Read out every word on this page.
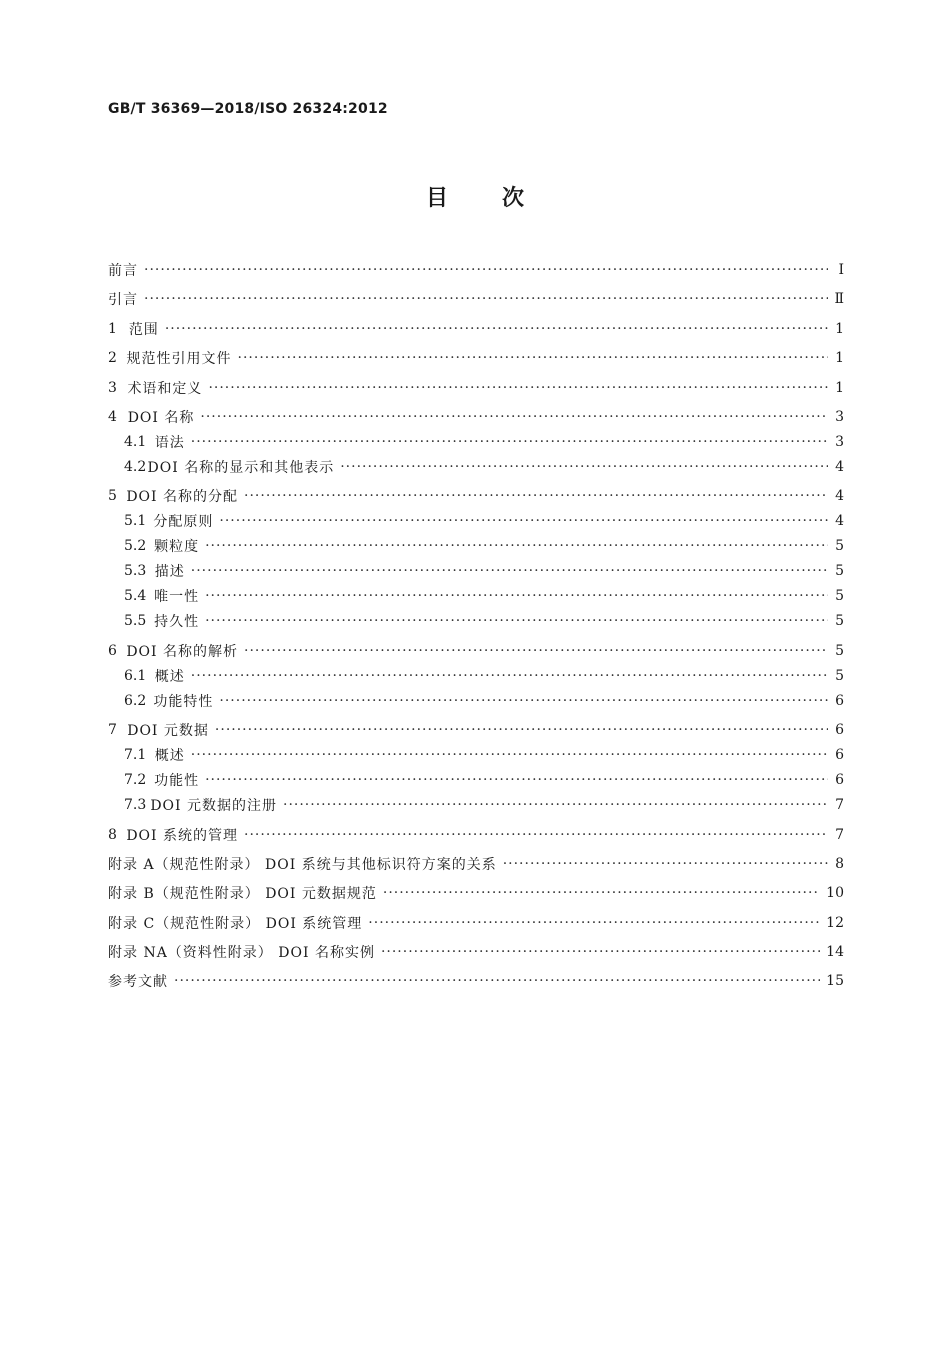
GB/T 36369—2018/ISO 26324:2012
目 次
前言 ·····	Ⅰ
引言 ·····	Ⅱ
1 范围 ·····	1
2 规范性引用文件 ·····	1
3 术语和定义 ·····	1
4 DOI 名称 ·····	3
4.1 语法 ·····	3
4.2 DOI 名称的显示和其他表示 ·····	4
5 DOI 名称的分配 ·····	4
5.1 分配原则 ·····	4
5.2 颗粒度 ·····	5
5.3 描述 ·····	5
5.4 唯一性 ·····	5
5.5 持久性 ·····	5
6 DOI 名称的解析 ·····	5
6.1 概述 ·····	5
6.2 功能特性 ·····	6
7 DOI 元数据 ·····	6
7.1 概述 ·····	6
7.2 功能性 ·····	6
7.3 DOI 元数据的注册 ·····	7
8 DOI 系统的管理 ·····	7
附录 A（规范性附录） DOI 系统与其他标识符方案的关系 ·····	8
附录 B（规范性附录） DOI 元数据规范 ·····	10
附录 C（规范性附录） DOI 系统管理 ·····	12
附录 NA（资料性附录） DOI 名称实例 ·····	14
参考文献 ·····	15
